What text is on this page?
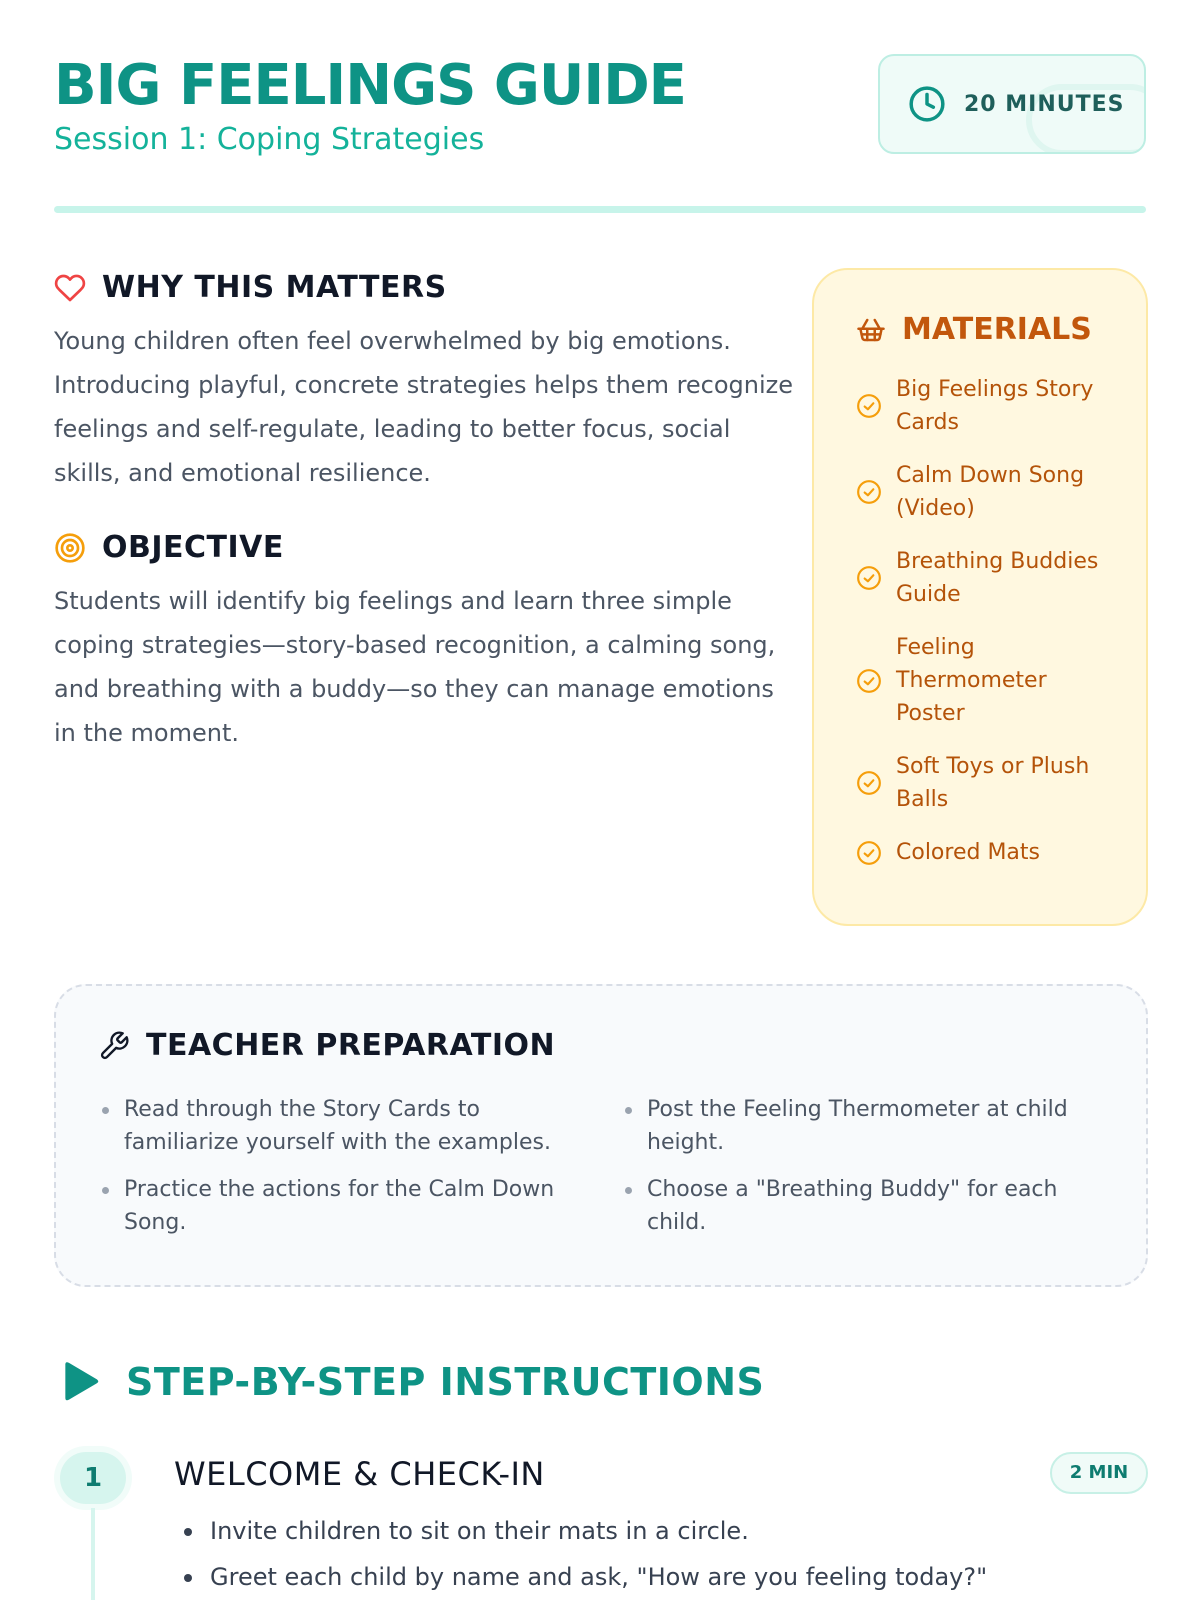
BIG FEELINGS GUIDE
Session 1: Coping Strategies
20 MINUTES
WHY THIS MATTERS

Young children often feel overwhelmed by big emotions. Introducing playful, concrete strategies helps them recognize feelings and self-regulate, leading to better focus, social skills, and emotional resilience.

OBJECTIVE

Students will identify big feelings and learn three simple coping strategies—story-based recognition, a calming song, and breathing with a buddy—so they can manage emotions in the moment.

MATERIALS
Big Feelings Story Cards
Calm Down Song (Video)
Breathing Buddies Guide
Feeling Thermometer Poster
Soft Toys or Plush Balls
Colored Mats
TEACHER PREPARATION
Read through the Story Cards to familiarize yourself with the examples.
Post the Feeling Thermometer at child height.
Practice the actions for the Calm Down Song.
Choose a "Breathing Buddy" for each child.
STEP-BY-STEP INSTRUCTIONS
1	WELCOME & CHECK-IN	2 MIN
Invite children to sit on their mats in a circle.
Greet each child by name and ask, "How are you feeling today?"
